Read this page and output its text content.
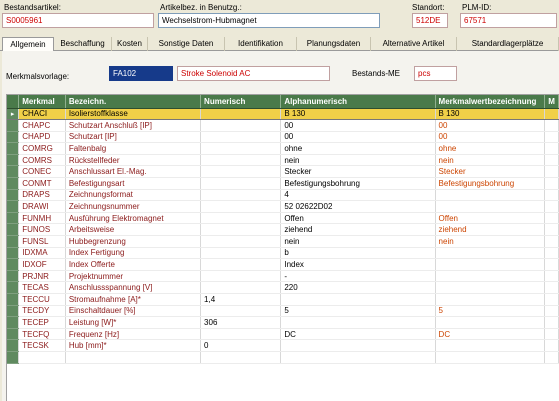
Bestandsartikel:
S0005961
Artikelbez. in Benutzg.:
Wechselstrom-Hubmagnet
Standort:
512DE
PLM-ID:
67571
Allgemein	Beschaffung	Kosten	Sonstige Daten	Identifikation	Planungsdaten	Alternative Artikel	Standardlagerplätze
Merkmalsvorlage:	FA102	Stroke Solenoid AC	Bestands-ME	pcs
	Merkmal	Bezeichn.	Numerisch	Alphanumerisch	Merkmalwertbezeichnung	M
▸	CHACI	Isolierstoffklasse		B 130	B 130	
	CHAPC	Schutzart Anschluß [IP]		00	00	
	CHAPD	Schutzart [IP]		00	00	
	COMRG	Faltenbalg		ohne	ohne	
	COMRS	Rückstellfeder		nein	nein	
	CONEC	Anschlussart El.-Mag.		Stecker	Stecker	
	CONMT	Befestigungsart		Befestigungsbohrung	Befestigungsbohrung	
	DRAPS	Zeichnungsformat		4		
	DRAWI	Zeichnungsnummer		52 02622D02		
	FUNMH	Ausführung Elektromagnet		Offen	Offen	
	FUNOS	Arbeitsweise		ziehend	ziehend	
	FUNSL	Hubbegrenzung		nein	nein	
	IDXMA	Index Fertigung		b		
	IDXOF	Index Offerte		Index		
	PRJNR	Projektnummer		-		
	TECAS	Anschlussspannung [V]		220		
	TECCU	Stromaufnahme [A]*	1,4			
	TECDY	Einschaltdauer [%]		5	5	
	TECEP	Leistung [W]*	306			
	TECFQ	Frequenz [Hz]		DC	DC	
	TECSK	Hub [mm]*	0			
